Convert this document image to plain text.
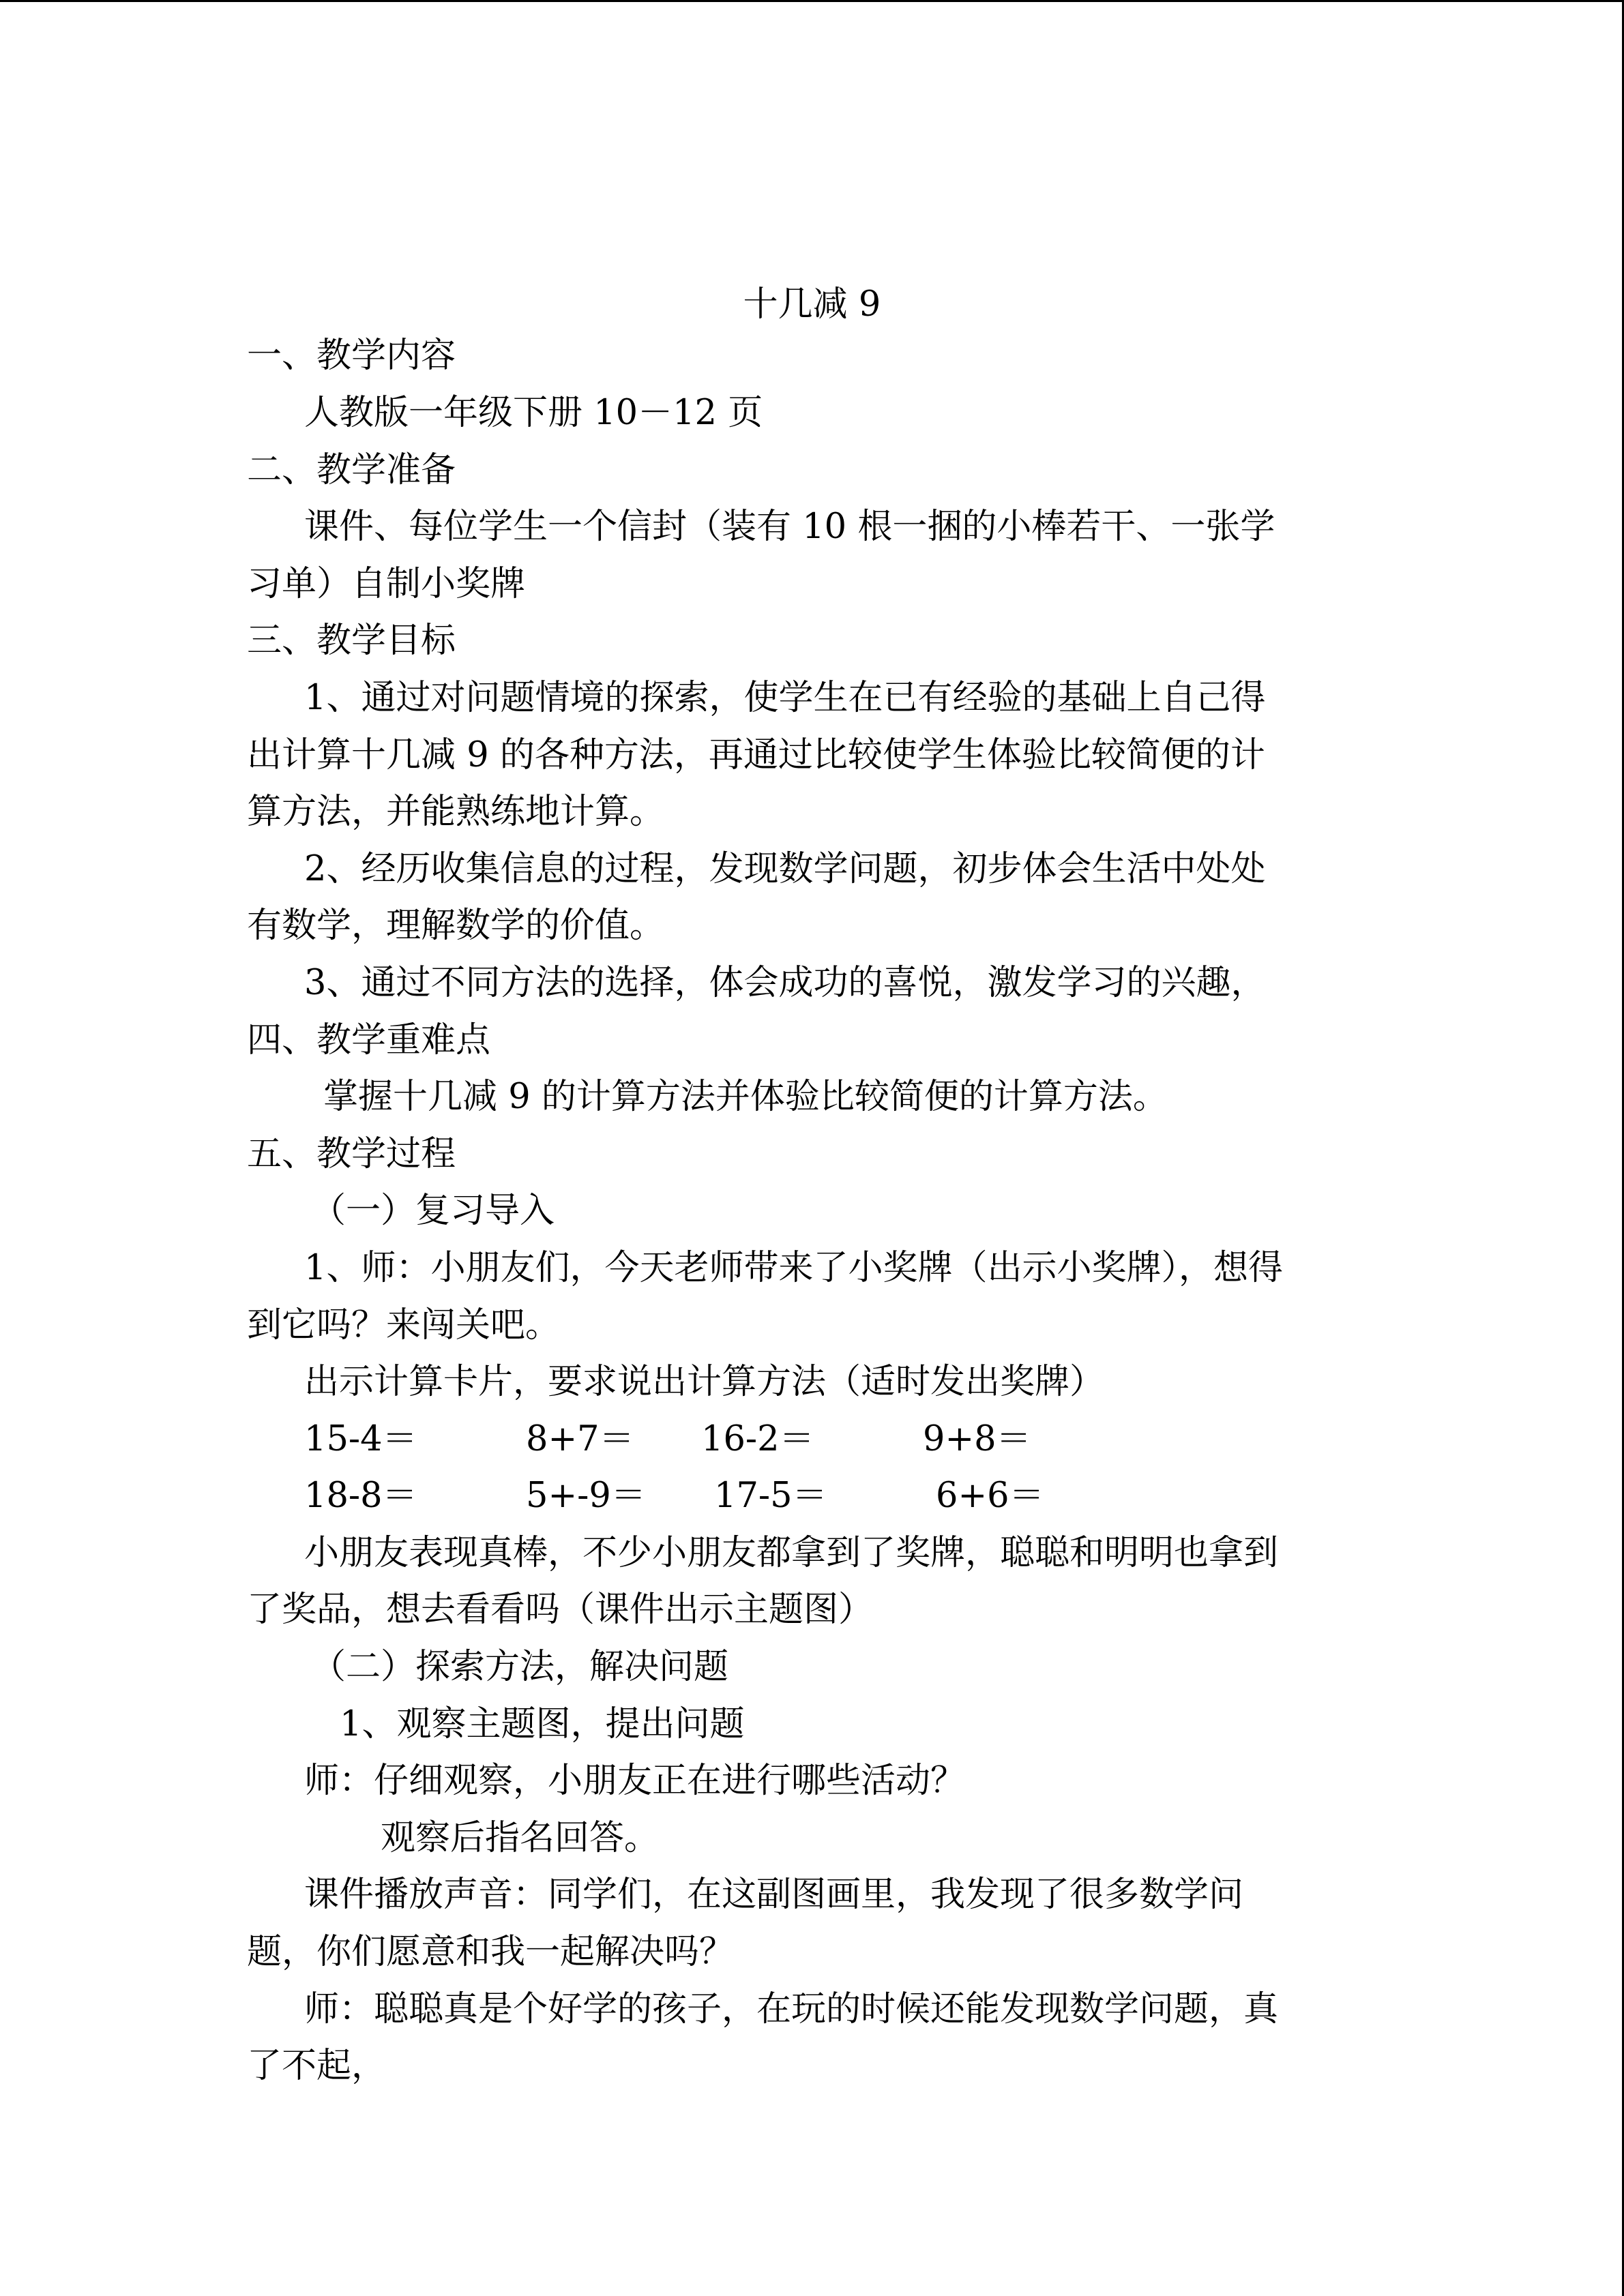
十几减 9
一、教学内容
人教版一年级下册 10－12 页
二、教学准备
课件、每位学生一个信封（装有 10 根一捆的小棒若干、一张学
习单）自制小奖牌
三、教学目标
1、通过对问题情境的探索，使学生在已有经验的基础上自己得
出计算十几减 9 的各种方法，再通过比较使学生体验比较简便的计
算方法，并能熟练地计算。
2、经历收集信息的过程，发现数学问题，初步体会生活中处处
有数学，理解数学的价值。
3、通过不同方法的选择，体会成功的喜悦，激发学习的兴趣，
四、教学重难点
掌握十几减 9 的计算方法并体验比较简便的计算方法。
五、教学过程
（一）复习导入
1、师：小朋友们，今天老师带来了小奖牌（出示小奖牌），想得
到它吗？来闯关吧。
出示计算卡片，要求说出计算方法（适时发出奖牌）
15-4＝	8+7＝ 16-2＝	9+8＝
18-8＝	5+-9＝ 17-5＝	6+6＝
小朋友表现真棒，不少小朋友都拿到了奖牌，聪聪和明明也拿到
了奖品，想去看看吗（课件出示主题图）
（二）探索方法，解决问题
1、观察主题图，提出问题
师：仔细观察，小朋友正在进行哪些活动？
观察后指名回答。
课件播放声音：同学们，在这副图画里，我发现了很多数学问
题，你们愿意和我一起解决吗？
师：聪聪真是个好学的孩子，在玩的时候还能发现数学问题，真
了不起，
